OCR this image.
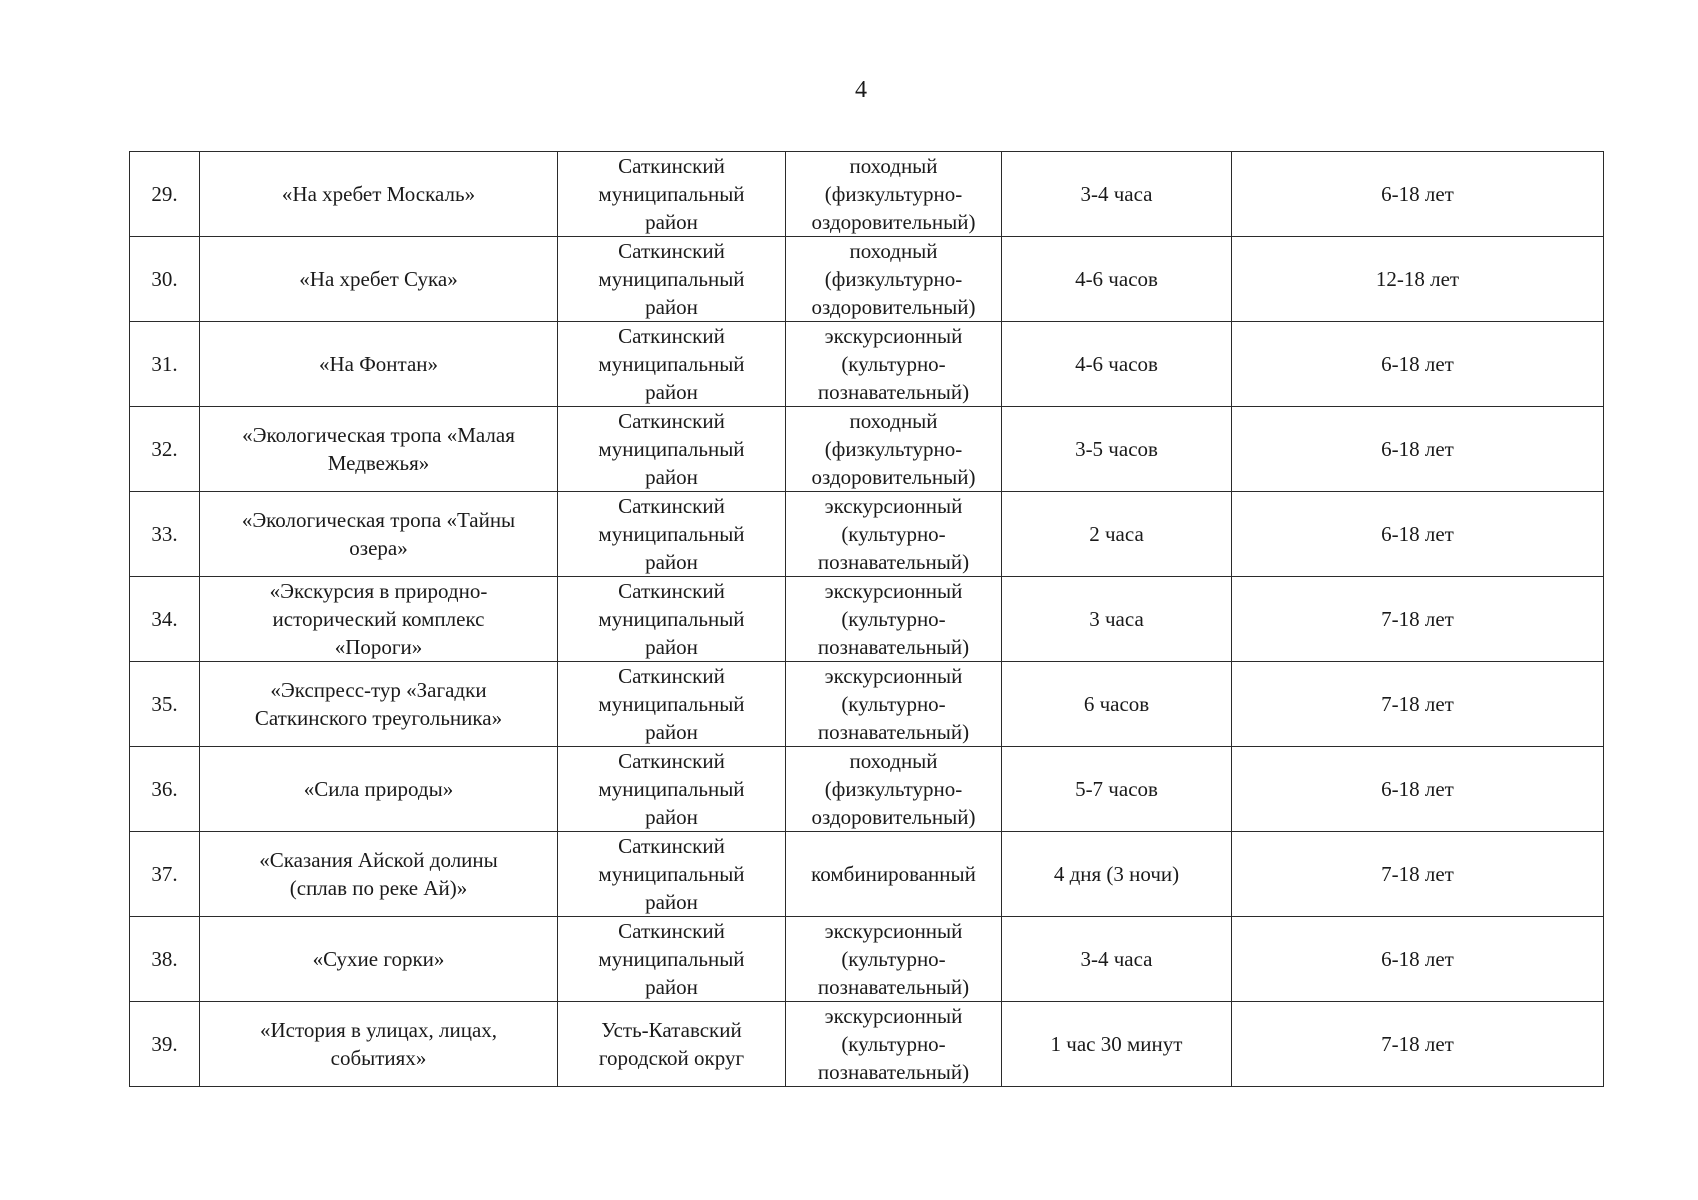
4
29.	«На хребет Москаль»	Саткинский
муниципальный
район	походный
(физкультурно-
оздоровительный)	3-4 часа	6-18 лет
30.	«На хребет Сука»	Саткинский
муниципальный
район	походный
(физкультурно-
оздоровительный)	4-6 часов	12-18 лет
31.	«На Фонтан»	Саткинский
муниципальный
район	экскурсионный
(культурно-
познавательный)	4-6 часов	6-18 лет
32.	«Экологическая тропа «Малая
Медвежья»	Саткинский
муниципальный
район	походный
(физкультурно-
оздоровительный)	3-5 часов	6-18 лет
33.	«Экологическая тропа «Тайны
озера»	Саткинский
муниципальный
район	экскурсионный
(культурно-
познавательный)	2 часа	6-18 лет
34.	«Экскурсия в природно-
исторический комплекс
«Пороги»	Саткинский
муниципальный
район	экскурсионный
(культурно-
познавательный)	3 часа	7-18 лет
35.	«Экспресс-тур «Загадки
Саткинского треугольника»	Саткинский
муниципальный
район	экскурсионный
(культурно-
познавательный)	6 часов	7-18 лет
36.	«Сила природы»	Саткинский
муниципальный
район	походный
(физкультурно-
оздоровительный)	5-7 часов	6-18 лет
37.	«Сказания Айской долины
(сплав по реке Ай)»	Саткинский
муниципальный
район	комбинированный	4 дня (3 ночи)	7-18 лет
38.	«Сухие горки»	Саткинский
муниципальный
район	экскурсионный
(культурно-
познавательный)	3-4 часа	6-18 лет
39.	«История в улицах, лицах,
событиях»	Усть-Катавский
городской округ	экскурсионный
(культурно-
познавательный)	1 час 30 минут	7-18 лет
